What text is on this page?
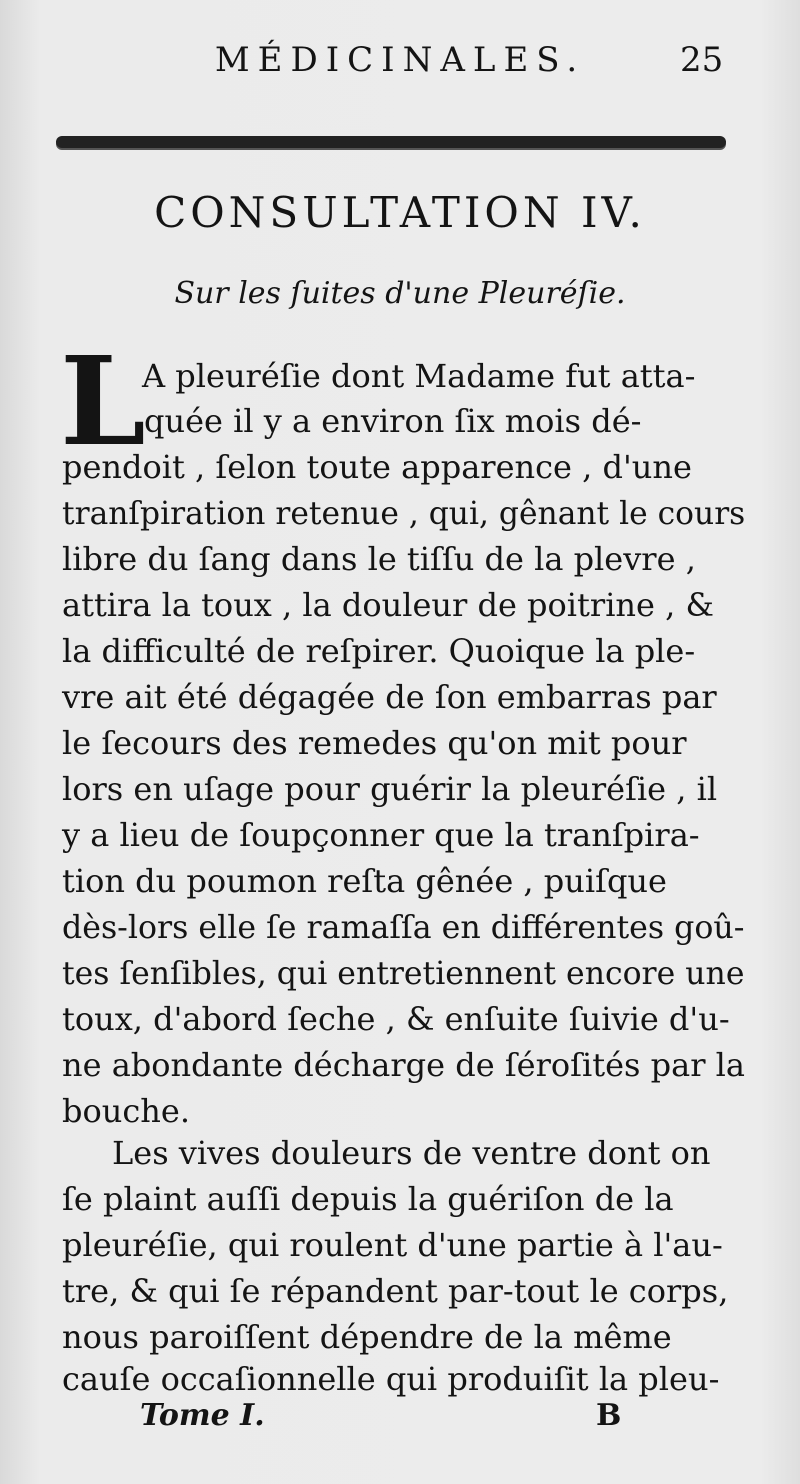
MÉDICINALES.	25
CONSULTATION IV.
Sur les ſuites d'une Pleuréſie.
L
A pleuréſie dont Madame fut atta-
quée il y a environ ſix mois dé-
pendoit , ſelon toute apparence , d'une
tranſpiration retenue , qui, gênant le cours
libre du ſang dans le tiſſu de la plevre ,
attira la toux , la douleur de poitrine , &
la difficulté de reſpirer. Quoique la ple-
vre ait été dégagée de ſon embarras par
le ſecours des remedes qu'on mit pour
lors en uſage pour guérir la pleuréſie , il
y a lieu de ſoupçonner que la tranſpira-
tion du poumon reſta gênée , puiſque
dès-lors elle ſe ramaſſa en différentes goû-
tes ſenſibles, qui entretiennent encore une
toux, d'abord ſeche , & enſuite ſuivie d'u-
ne abondante décharge de ſéroſités par la
bouche.
Les vives douleurs de ventre dont on
ſe plaint auſſi depuis la guériſon de la
pleuréſie, qui roulent d'une partie à l'au-
tre, & qui ſe répandent par-tout le corps,
nous paroiſſent dépendre de la même
cauſe occaſionnelle qui produiſit la pleu-
Tome I.	B
